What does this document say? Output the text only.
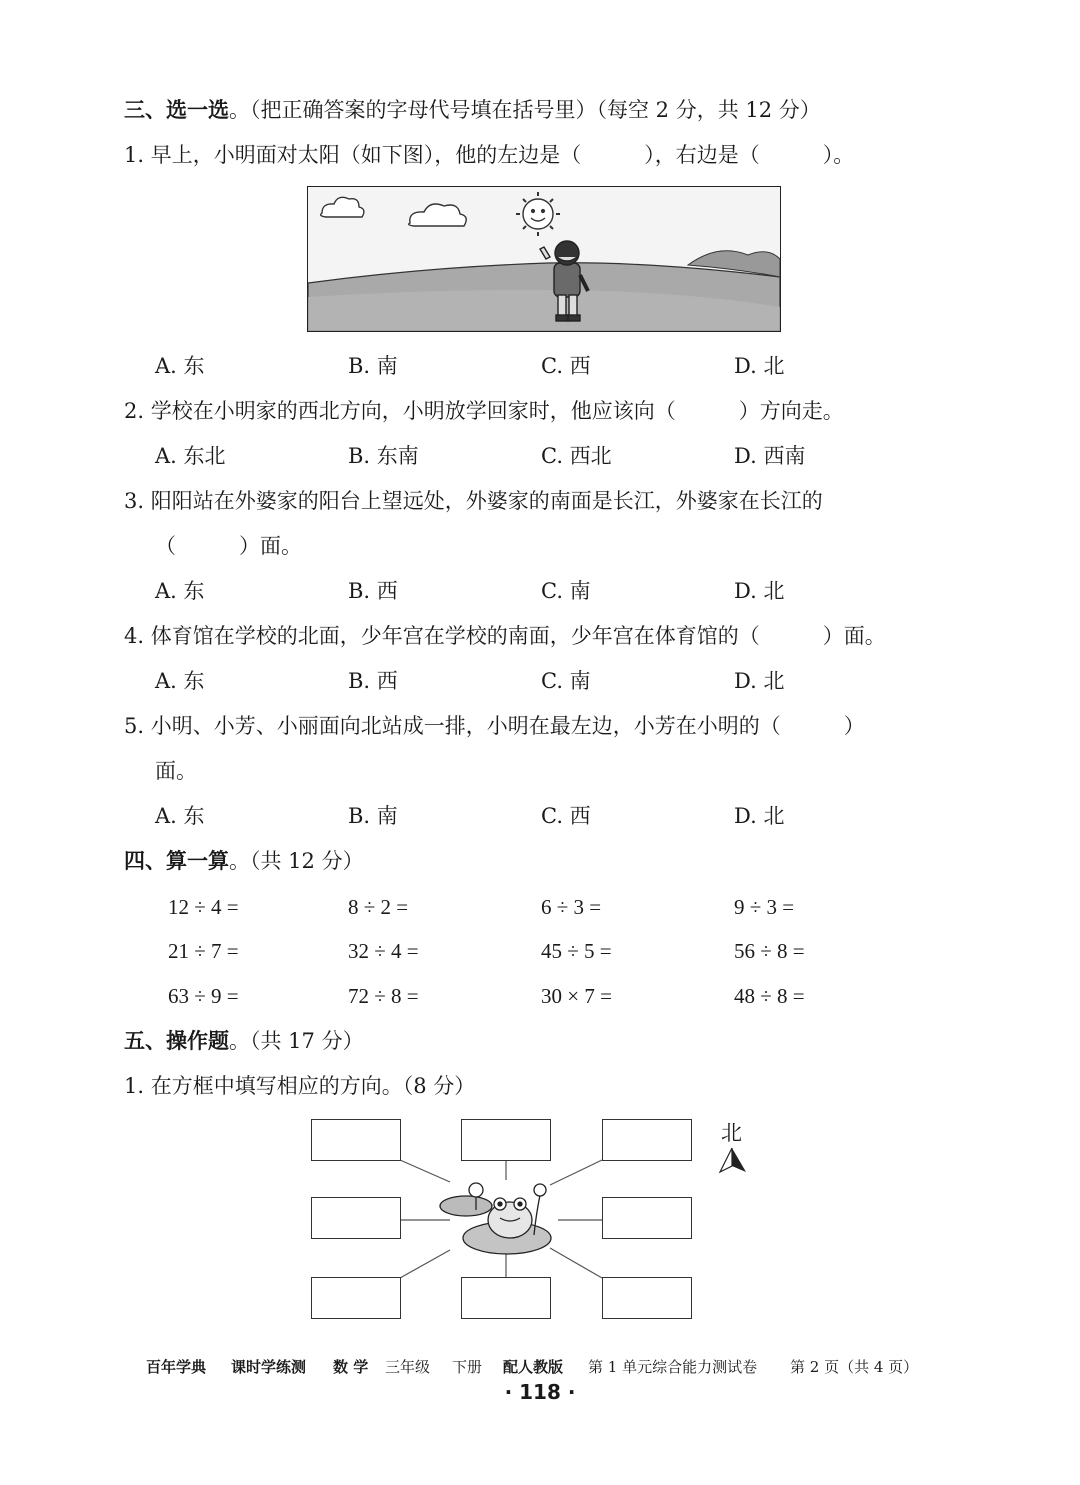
三、选一选。（把正确答案的字母代号填在括号里）（每空 2 分，共 12 分）
1. 早上，小明面对太阳（如下图），他的左边是（　　　），右边是（　　　）。
A. 东	B. 南	C. 西	D. 北
2. 学校在小明家的西北方向，小明放学回家时，他应该向（　　　）方向走。
A. 东北	B. 东南	C. 西北	D. 西南
3. 阳阳站在外婆家的阳台上望远处，外婆家的南面是长江，外婆家在长江的
（　　　）面。
A. 东	B. 西	C. 南	D. 北
4. 体育馆在学校的北面，少年宫在学校的南面，少年宫在体育馆的（　　　）面。
A. 东	B. 西	C. 南	D. 北
5. 小明、小芳、小丽面向北站成一排，小明在最左边，小芳在小明的（　　　）
面。
A. 东	B. 南	C. 西	D. 北
四、算一算。（共 12 分）
12 ÷ 4 =	8 ÷ 2 =	6 ÷ 3 =	9 ÷ 3 =
21 ÷ 7 =	32 ÷ 4 =	45 ÷ 5 =	56 ÷ 8 =
63 ÷ 9 =	72 ÷ 8 =	30 × 7 =	48 ÷ 8 =
五、操作题。（共 17 分）
1. 在方框中填写相应的方向。（8 分）
北
百年学典 课时学练测 数 学 三年级 下册 配人教版 第 1 单元综合能力测试卷 第 2 页（共 4 页）
· 118 ·
